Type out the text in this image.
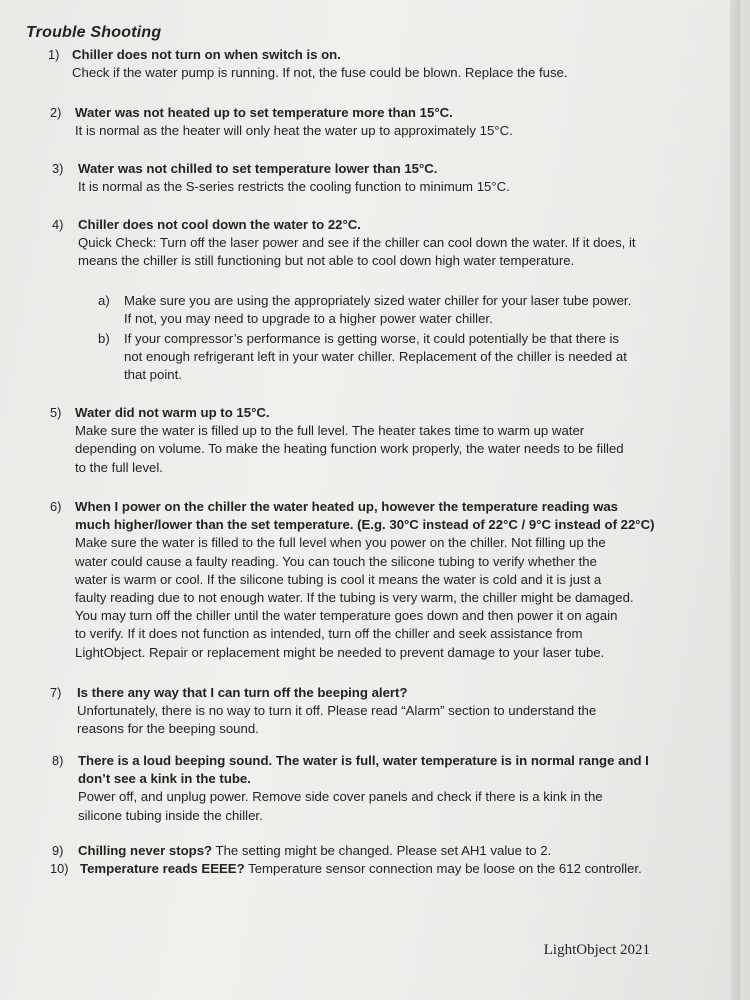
Trouble Shooting
1) Chiller does not turn on when switch is on.
Check if the water pump is running. If not, the fuse could be blown. Replace the fuse.
2) Water was not heated up to set temperature more than 15°C.
It is normal as the heater will only heat the water up to approximately 15°C.
3) Water was not chilled to set temperature lower than 15°C.
It is normal as the S-series restricts the cooling function to minimum 15°C.
4) Chiller does not cool down the water to 22°C.
Quick Check: Turn off the laser power and see if the chiller can cool down the water. If it does, it
means the chiller is still functioning but not able to cool down high water temperature.
a) Make sure you are using the appropriately sized water chiller for your laser tube power.
If not, you may need to upgrade to a higher power water chiller.
b) If your compressor’s performance is getting worse, it could potentially be that there is
not enough refrigerant left in your water chiller. Replacement of the chiller is needed at
that point.
5) Water did not warm up to 15°C.
Make sure the water is filled up to the full level. The heater takes time to warm up water
depending on volume. To make the heating function work properly, the water needs to be filled
to the full level.
6) When I power on the chiller the water heated up, however the temperature reading was
much higher/lower than the set temperature. (E.g. 30°C instead of 22°C / 9°C instead of 22°C)
Make sure the water is filled to the full level when you power on the chiller. Not filling up the
water could cause a faulty reading. You can touch the silicone tubing to verify whether the
water is warm or cool. If the silicone tubing is cool it means the water is cold and it is just a
faulty reading due to not enough water. If the tubing is very warm, the chiller might be damaged.
You may turn off the chiller until the water temperature goes down and then power it on again
to verify. If it does not function as intended, turn off the chiller and seek assistance from
LightObject. Repair or replacement might be needed to prevent damage to your laser tube.
7) Is there any way that I can turn off the beeping alert?
Unfortunately, there is no way to turn it off. Please read “Alarm” section to understand the
reasons for the beeping sound.
8) There is a loud beeping sound. The water is full, water temperature is in normal range and I
don’t see a kink in the tube.
Power off, and unplug power. Remove side cover panels and check if there is a kink in the
silicone tubing inside the chiller.
9) Chilling never stops? The setting might be changed. Please set AH1 value to 2.
10) Temperature reads EEEE? Temperature sensor connection may be loose on the 612 controller.
LightObject 2021
